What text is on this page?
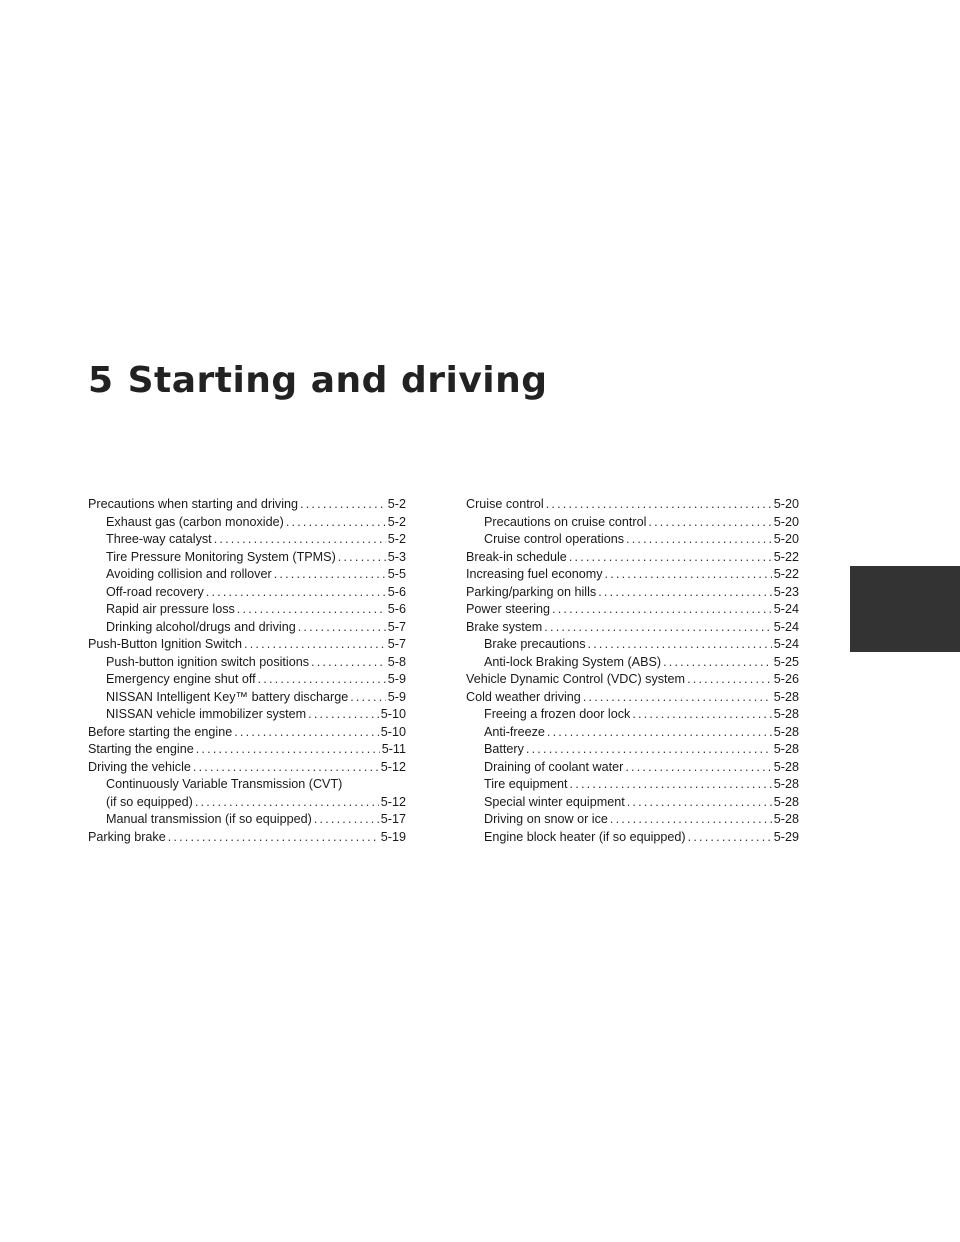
5 Starting and driving
Precautions when starting and driving .....	5-2
Exhaust gas (carbon monoxide) .....	5-2
Three-way catalyst .....	5-2
Tire Pressure Monitoring System (TPMS) .....	5-3
Avoiding collision and rollover .....	5-5
Off-road recovery .....	5-6
Rapid air pressure loss .....	5-6
Drinking alcohol/drugs and driving .....	5-7
Push-Button Ignition Switch .....	5-7
Push-button ignition switch positions .....	5-8
Emergency engine shut off .....	5-9
NISSAN Intelligent Key™ battery discharge .....	5-9
NISSAN vehicle immobilizer system .....	5-10
Before starting the engine .....	5-10
Starting the engine .....	5-11
Driving the vehicle .....	5-12
Continuously Variable Transmission (CVT)
(if so equipped) .....	5-12
Manual transmission (if so equipped) .....	5-17
Parking brake .....	5-19
Cruise control .....	5-20
Precautions on cruise control .....	5-20
Cruise control operations .....	5-20
Break-in schedule .....	5-22
Increasing fuel economy .....	5-22
Parking/parking on hills .....	5-23
Power steering .....	5-24
Brake system .....	5-24
Brake precautions .....	5-24
Anti-lock Braking System (ABS) .....	5-25
Vehicle Dynamic Control (VDC) system .....	5-26
Cold weather driving .....	5-28
Freeing a frozen door lock .....	5-28
Anti-freeze .....	5-28
Battery .....	5-28
Draining of coolant water .....	5-28
Tire equipment .....	5-28
Special winter equipment .....	5-28
Driving on snow or ice .....	5-28
Engine block heater (if so equipped) .....	5-29
